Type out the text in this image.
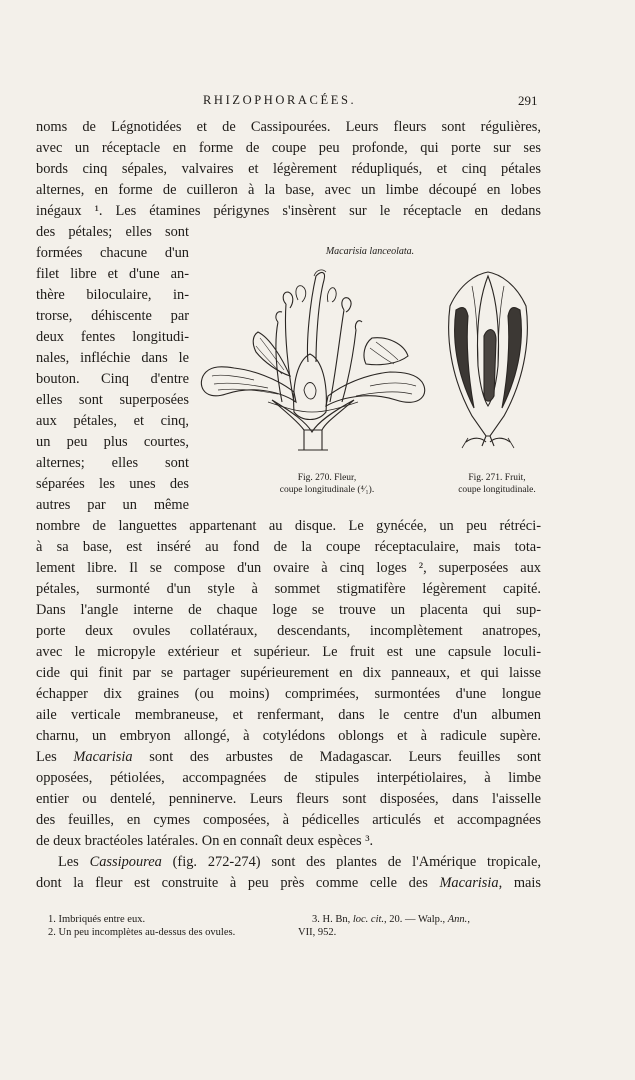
RHIZOPHORACÉES.	291
noms de Légnotidées et de Cassipourées. Leurs fleurs sont régulières,
avec un réceptacle en forme de coupe peu profonde, qui porte sur ses
bords cinq sépales, valvaires et légèrement rédupliqués, et cinq pétales
alternes, en forme de cuilleron à la base, avec un limbe découpé en lobes
inégaux ¹. Les étamines périgynes s'insèrent sur le réceptacle en dedans
des pétales; elles sont
formées chacune d'un
filet libre et d'une an-
thère biloculaire, in-
trorse, déhiscente par
deux fentes longitudi-
nales, infléchie dans le
bouton. Cinq d'entre
elles sont superposées
aux pétales, et cinq,
un peu plus courtes,
alternes; elles sont
séparées les unes des
autres par un même
Macarisia lanceolata.
Fig. 270. Fleur,
coupe longitudinale (⁴⁄₁).
Fig. 271. Fruit,
coupe longitudinale.
nombre de languettes appartenant au disque. Le gynécée, un peu rétréci-
à sa base, est inséré au fond de la coupe réceptaculaire, mais tota-
lement libre. Il se compose d'un ovaire à cinq loges ², superposées aux
pétales, surmonté d'un style à sommet stigmatifère légèrement capité.
Dans l'angle interne de chaque loge se trouve un placenta qui sup-
porte deux ovules collatéraux, descendants, incomplètement anatropes,
avec le micropyle extérieur et supérieur. Le fruit est une capsule loculi-
cide qui finit par se partager supérieurement en dix panneaux, et qui laisse
échapper dix graines (ou moins) comprimées, surmontées d'une longue
aile verticale membraneuse, et renfermant, dans le centre d'un albumen
charnu, un embryon allongé, à cotylédons oblongs et à radicule supère.
Les Macarisia sont des arbustes de Madagascar. Leurs feuilles sont
opposées, pétiolées, accompagnées de stipules interpétiolaires, à limbe
entier ou dentelé, penninerve. Leurs fleurs sont disposées, dans l'aisselle
des feuilles, en cymes composées, à pédicelles articulés et accompagnées
de deux bractéoles latérales. On en connaît deux espèces ³.
Les Cassipourea (fig. 272-274) sont des plantes de l'Amérique tropicale,
dont la fleur est construite à peu près comme celle des Macarisia, mais
1. Imbriqués entre eux.
2. Un peu incomplètes au-dessus des ovules.
3. H. Bn, loc. cit., 20. — Walp., Ann.,
VII, 952.
